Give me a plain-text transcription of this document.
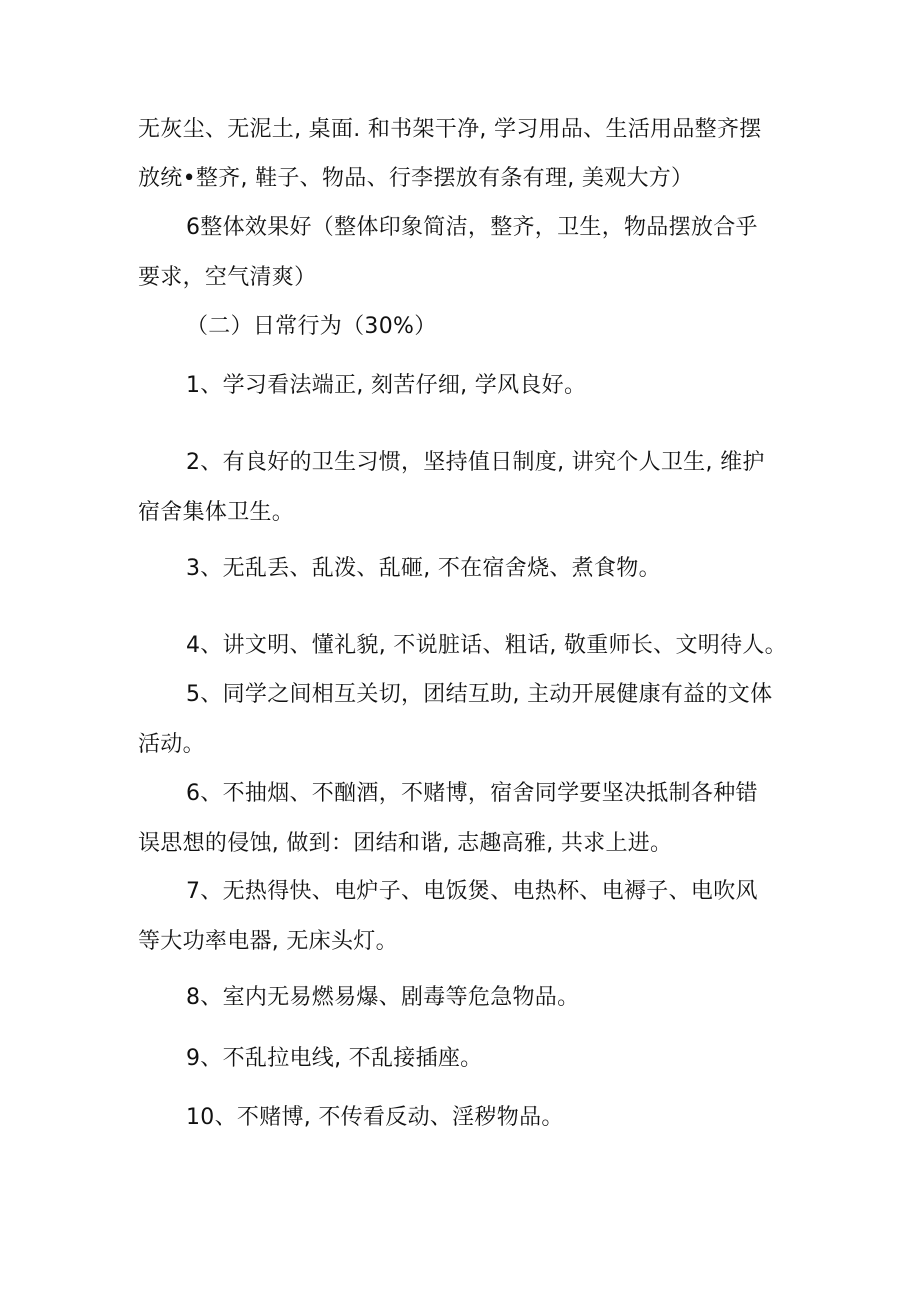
无灰尘、无泥土, 桌面. 和书架干净, 学习用品、生活用品整齐摆
放统•整齐, 鞋子、物品、行李摆放有条有理, 美观大方）
6整体效果好（整体印象简洁，整齐，卫生，物品摆放合乎
要求，空气清爽）
（二）日常行为（30%）
1、学习看法端正, 刻苦仔细, 学风良好。
2、有良好的卫生习惯，坚持值日制度, 讲究个人卫生, 维护
宿舍集体卫生。
3、无乱丢、乱泼、乱砸, 不在宿舍烧、煮食物。
4、讲文明、懂礼貌, 不说脏话、粗话, 敬重师长、文明待人。
5、同学之间相互关切，团结互助, 主动开展健康有益的文体
活动。
6、不抽烟、不酗酒，不赌博，宿舍同学要坚决抵制各种错
误思想的侵蚀, 做到：团结和谐, 志趣高雅, 共求上进。
7、无热得快、电炉子、电饭煲、电热杯、电褥子、电吹风
等大功率电器, 无床头灯。
8、室内无易燃易爆、剧毒等危急物品。
9、不乱拉电线, 不乱接插座。
10、不赌博, 不传看反动、淫秽物品。
